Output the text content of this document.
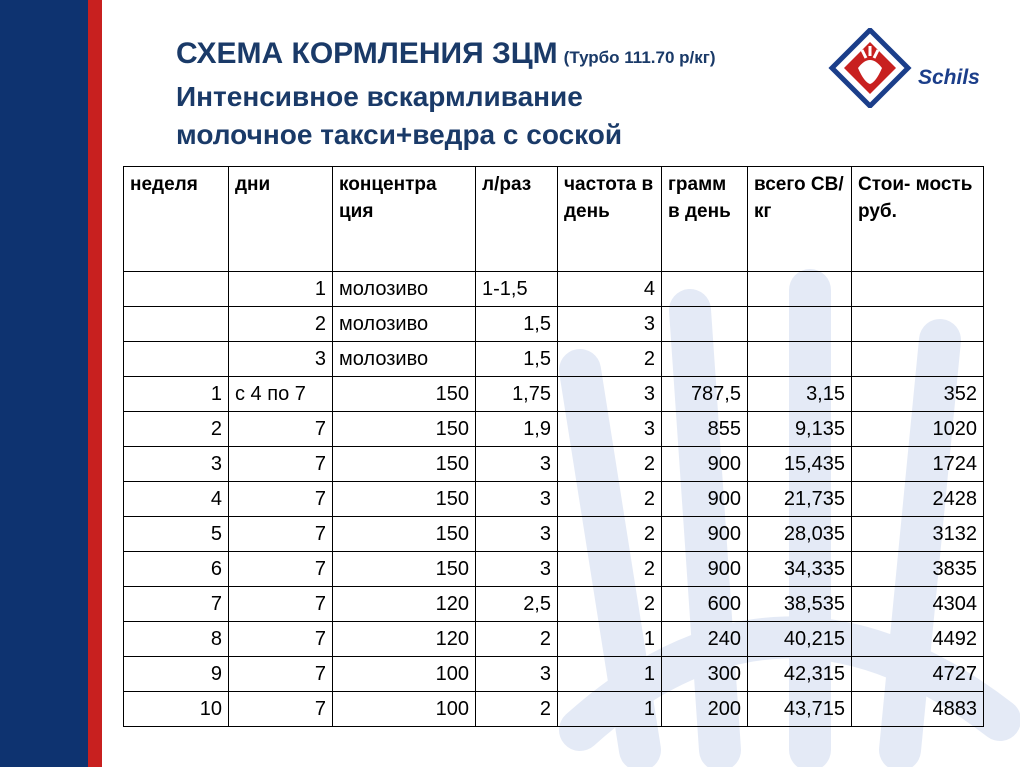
СХЕМА КОРМЛЕНИЯ ЗЦМ (Турбо 111.70 р/кг)
Интенсивное вскармливание
молочное такси+ведра с соской
Schils
неделя	дни	концентра ция	л/раз	частота в день	грамм в день	всего СВ/кг	Стои- мость руб.
	1	молозиво	1-1,5	4			
	2	молозиво	1,5	3			
	3	молозиво	1,5	2			
1	с 4 по 7	150	1,75	3	787,5	3,15	352
2	7	150	1,9	3	855	9,135	1020
3	7	150	3	2	900	15,435	1724
4	7	150	3	2	900	21,735	2428
5	7	150	3	2	900	28,035	3132
6	7	150	3	2	900	34,335	3835
7	7	120	2,5	2	600	38,535	4304
8	7	120	2	1	240	40,215	4492
9	7	100	3	1	300	42,315	4727
10	7	100	2	1	200	43,715	4883
